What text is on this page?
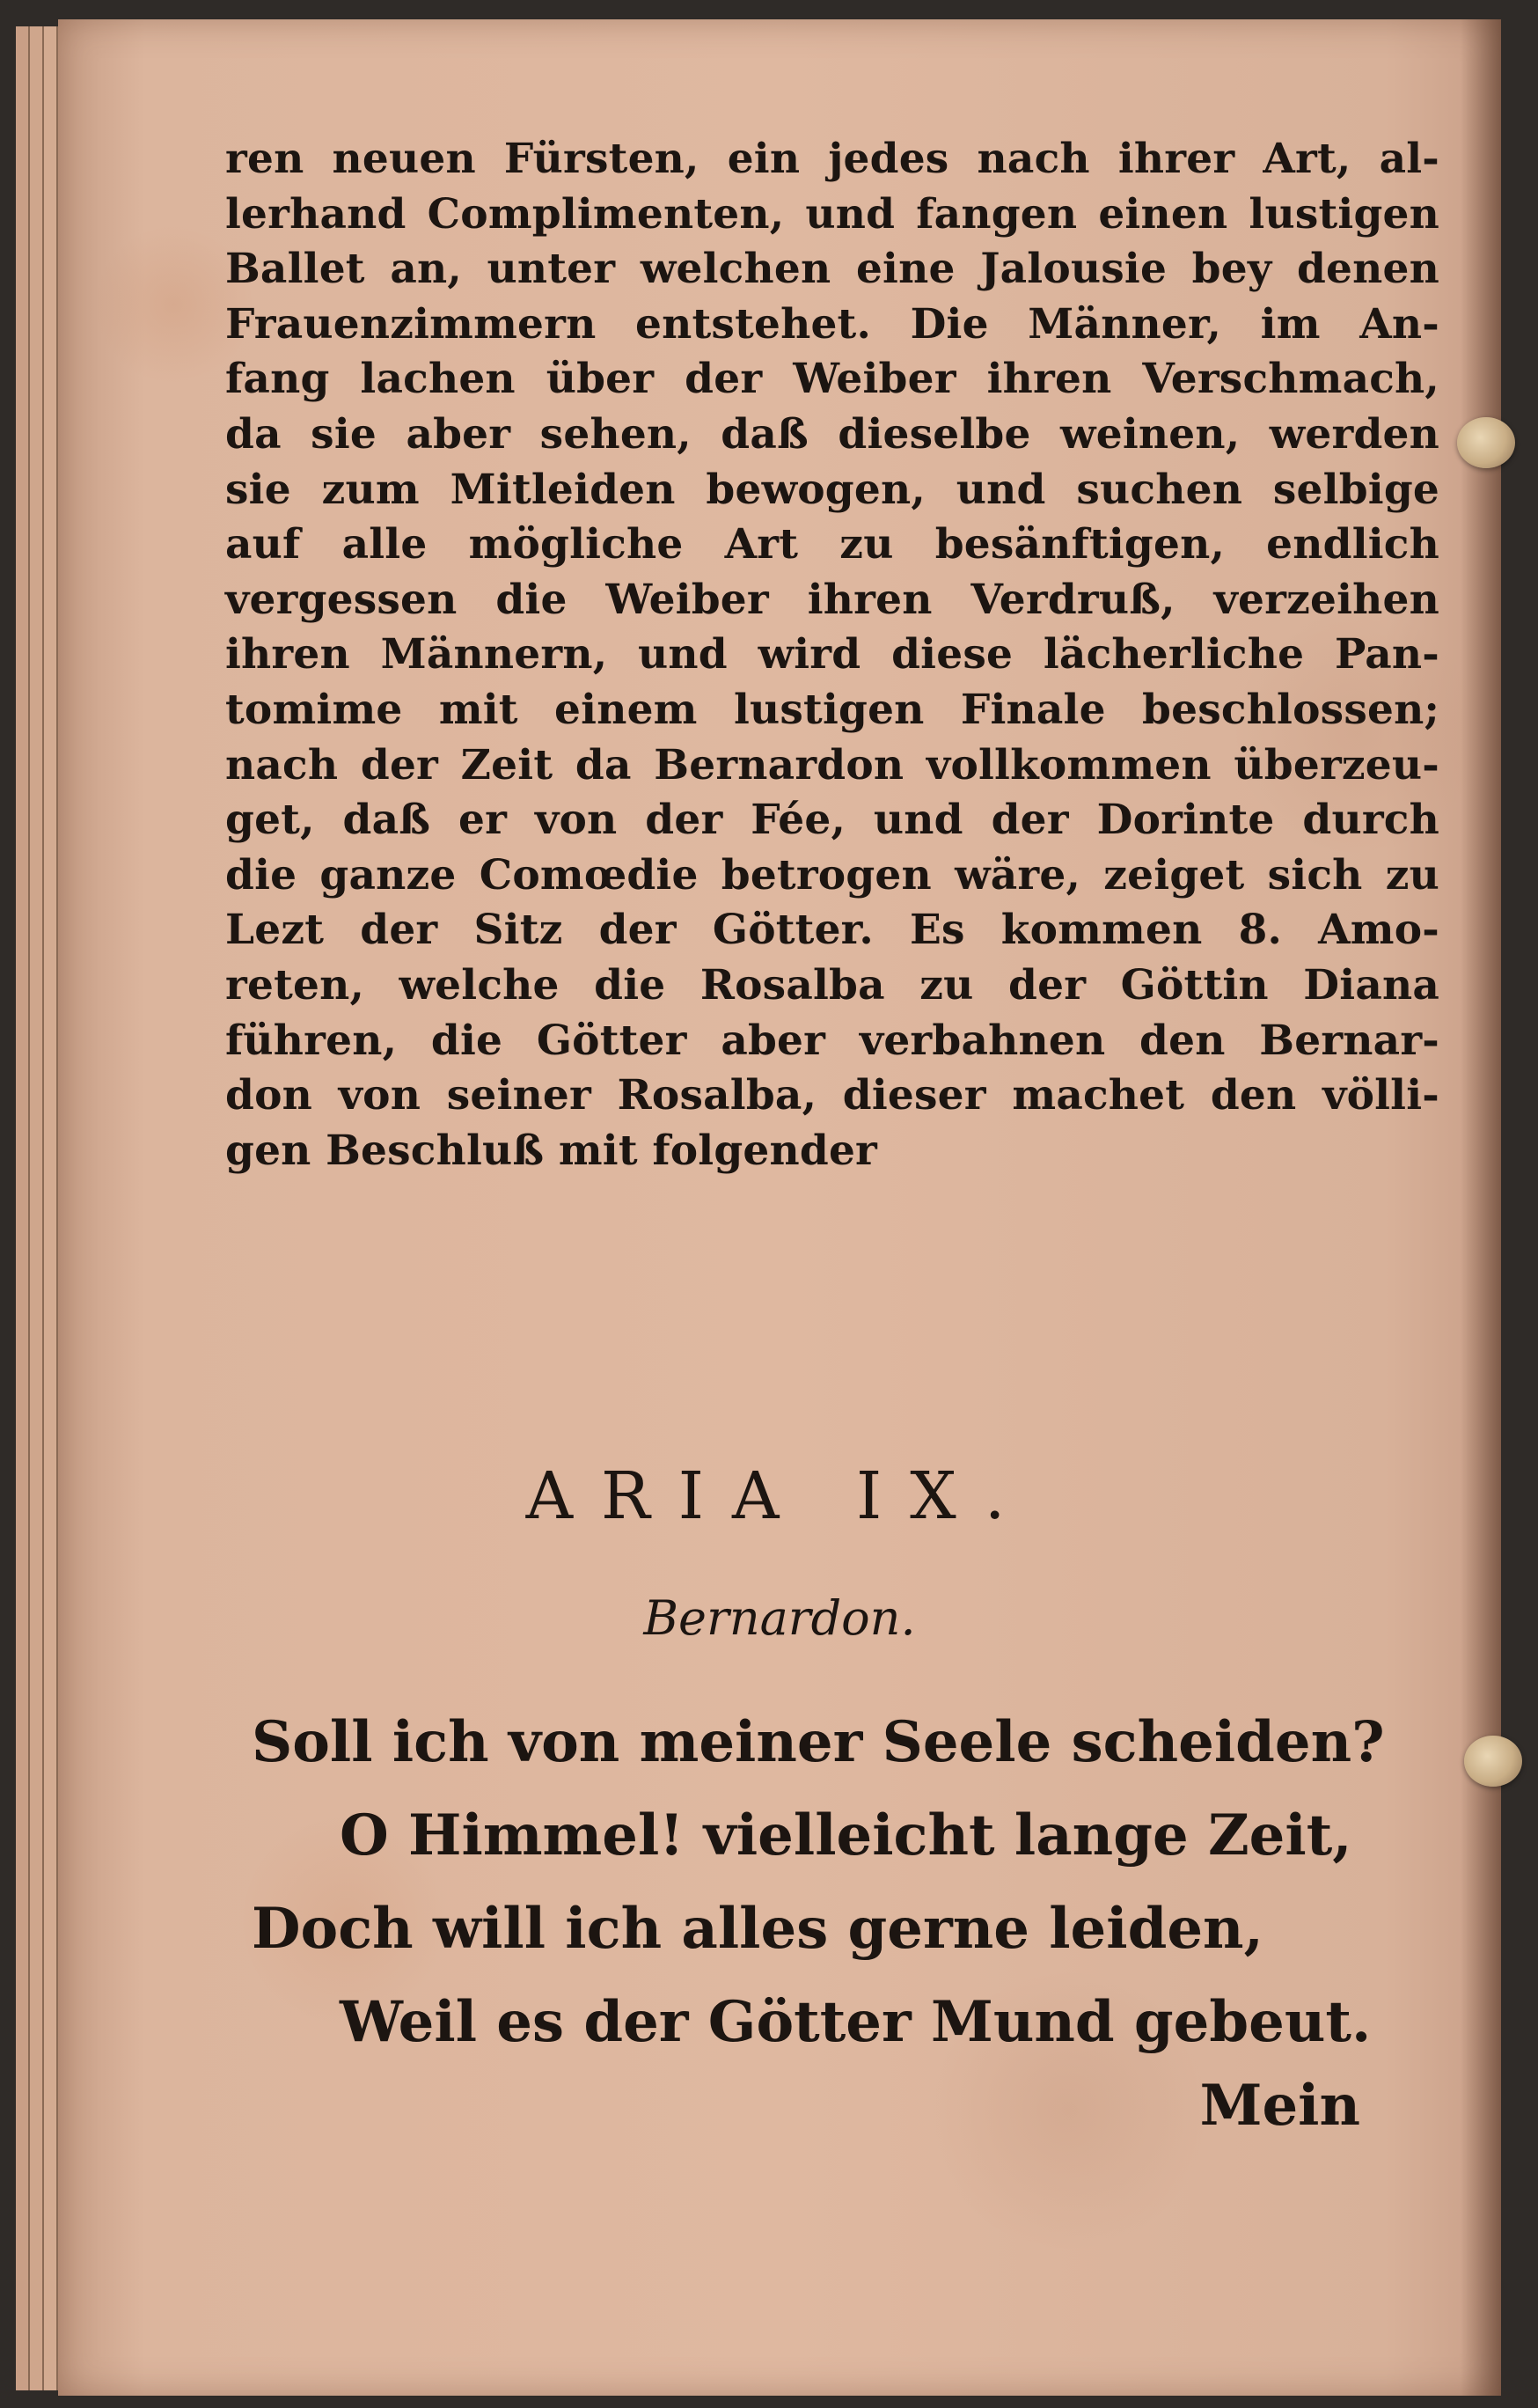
ren neuen Fürsten, ein jedes nach ihrer Art, al-
lerhand Complimenten, und fangen einen lustigen
Ballet an, unter welchen eine Jalousie bey denen
Frauenzimmern entstehet. Die Männer, im An-
fang lachen über der Weiber ihren Verschmach,
da sie aber sehen, daß dieselbe weinen, werden
sie zum Mitleiden bewogen, und suchen selbige
auf alle mögliche Art zu besänftigen, endlich
vergessen die Weiber ihren Verdruß, verzeihen
ihren Männern, und wird diese lächerliche Pan-
tomime mit einem lustigen Finale beschlossen;
nach der Zeit da Bernardon vollkommen überzeu-
get, daß er von der Fée, und der Dorinte durch
die ganze Comœdie betrogen wäre, zeiget sich zu
Lezt der Sitz der Götter. Es kommen 8. Amo-
reten, welche die Rosalba zu der Göttin Diana
führen, die Götter aber verbahnen den Bernar-
don von seiner Rosalba, dieser machet den völli-
gen Beschluß mit folgender
ARIA IX.
Bernardon.
Soll ich von meiner Seele scheiden?
O Himmel! vielleicht lange Zeit,
Doch will ich alles gerne leiden,
Weil es der Götter Mund gebeut.
Mein
